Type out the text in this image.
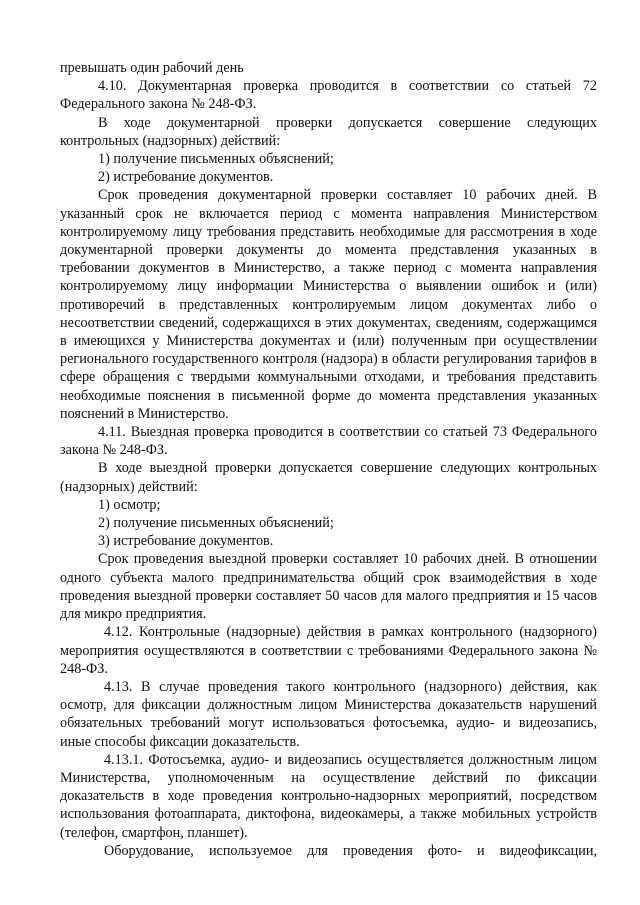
превышать один рабочий день

4.10. Документарная проверка проводится в соответствии со статьей 72 Федерального закона № 248-ФЗ.

В ходе документарной проверки допускается совершение следующих контрольных (надзорных) действий:

1) получение письменных объяснений;

2) истребование документов.

Срок проведения документарной проверки составляет 10 рабочих дней. В указанный срок не включается период с момента направления Министерством контролируемому лицу требования представить необходимые для рассмотрения в ходе документарной проверки документы до момента представления указанных в требовании документов в Министерство, а также период с момента направления контролируемому лицу информации Министерства о выявлении ошибок и (или) противоречий в представленных контролируемым лицом документах либо о несоответствии сведений, содержащихся в этих документах, сведениям, содержащимся в имеющихся у Министерства документах и (или) полученным при осуществлении регионального государственного контроля (надзора) в области регулирования тарифов в сфере обращения с твердыми коммунальными отходами, и требования представить необходимые пояснения в письменной форме до момента представления указанных пояснений в Министерство.

4.11. Выездная проверка проводится в соответствии со статьей 73 Федерального закона № 248-ФЗ.

В ходе выездной проверки допускается совершение следующих контрольных (надзорных) действий:

1) осмотр;

2) получение письменных объяснений;

3) истребование документов.

Срок проведения выездной проверки составляет 10 рабочих дней. В отношении одного субъекта малого предпринимательства общий срок взаимодействия в ходе проведения выездной проверки составляет 50 часов для малого предприятия и 15 часов для микро предприятия.

4.12. Контрольные (надзорные) действия в рамках контрольного (надзорного) мероприятия осуществляются в соответствии с требованиями Федерального закона № 248-ФЗ.

4.13. В случае проведения такого контрольного (надзорного) действия, как осмотр, для фиксации должностным лицом Министерства доказательств нарушений обязательных требований могут использоваться фотосъемка, аудио- и видеозапись, иные способы фиксации доказательств.

4.13.1. Фотосъемка, аудио- и видеозапись осуществляется должностным лицом Министерства, уполномоченным на осуществление действий по фиксации доказательств в ходе проведения контрольно-надзорных мероприятий, посредством использования фотоаппарата, диктофона, видеокамеры, а также мобильных устройств (телефон, смартфон, планшет).

Оборудование, используемое для проведения фото- и видеофиксации,
